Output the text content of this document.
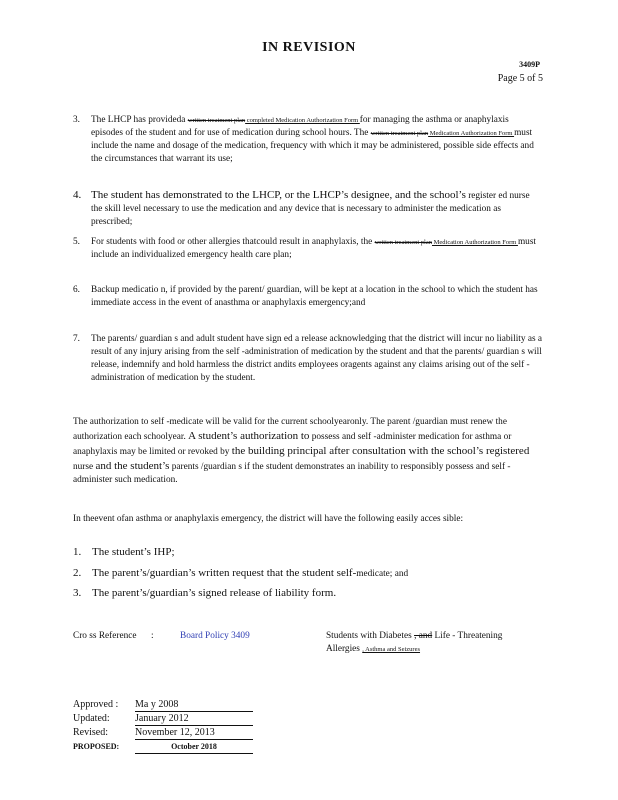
IN REVISION
3409P
Page 5 of 5
3.	The LHCP has provideda written treatment plan completed Medication Authorization Form for managing the asthma or anaphylaxis episodes of the student and for use of medication during school hours. The written treatment plan Medication Authorization Form must include the name and dosage of the medication, frequency with which it may be administered, possible side effects and the circumstances that warrant its use;
4. The student has demonstrated to the LHCP, or the LHCP’s designee, and the school’s register ed nurse the skill level necessary to use the medication and any device that is necessary to administer the medication as prescribed;
5.	For students with food or other allergies thatcould result in anaphylaxis, the written treatment plan Medication Authorization Form must include an individualized emergency health care plan;
6.	Backup medicatio n, if provided by the parent/ guardian, will be kept at a location in the school to which the student has immediate access in the event of anasthma or anaphylaxis emergency;and
7.	The parents/ guardian s and adult student have sign ed a release acknowledging that the district will incur no liability as a result of any injury arising from the self -administration of medication by the student and that the parents/ guardian s will release, indemnify and hold harmless the district andits employees oragents against any claims arising out of the self -administration of medication by the student.
The authorization to self -medicate will be valid for the current schoolyearonly. The parent /guardian must renew the authorization each schoolyear. A student’s authorization to possess and self -administer medication for asthma or anaphylaxis may be limited or revoked by the building principal after consultation with the school’s registered nurse and the student’s parents /guardian s if the student demonstrates an inability to responsibly possess and self -administer such medication.
In theevent ofan asthma or anaphylaxis emergency, the district will have the following easily acces sible:
1. The student’s IHP;
2. The parent’s/guardian’s written request that the student self-medicate; and
3. The parent’s/guardian’s signed release of liability form.
Cro ss Reference :	Board Policy 3409	Students with Diabetes , and Life - Threatening Allergies , Asthma and Seizures
Approved : Ma y 2008
Updated:	January 2012
Revised:	November 12, 2013
PROPOSED:	October 2018
